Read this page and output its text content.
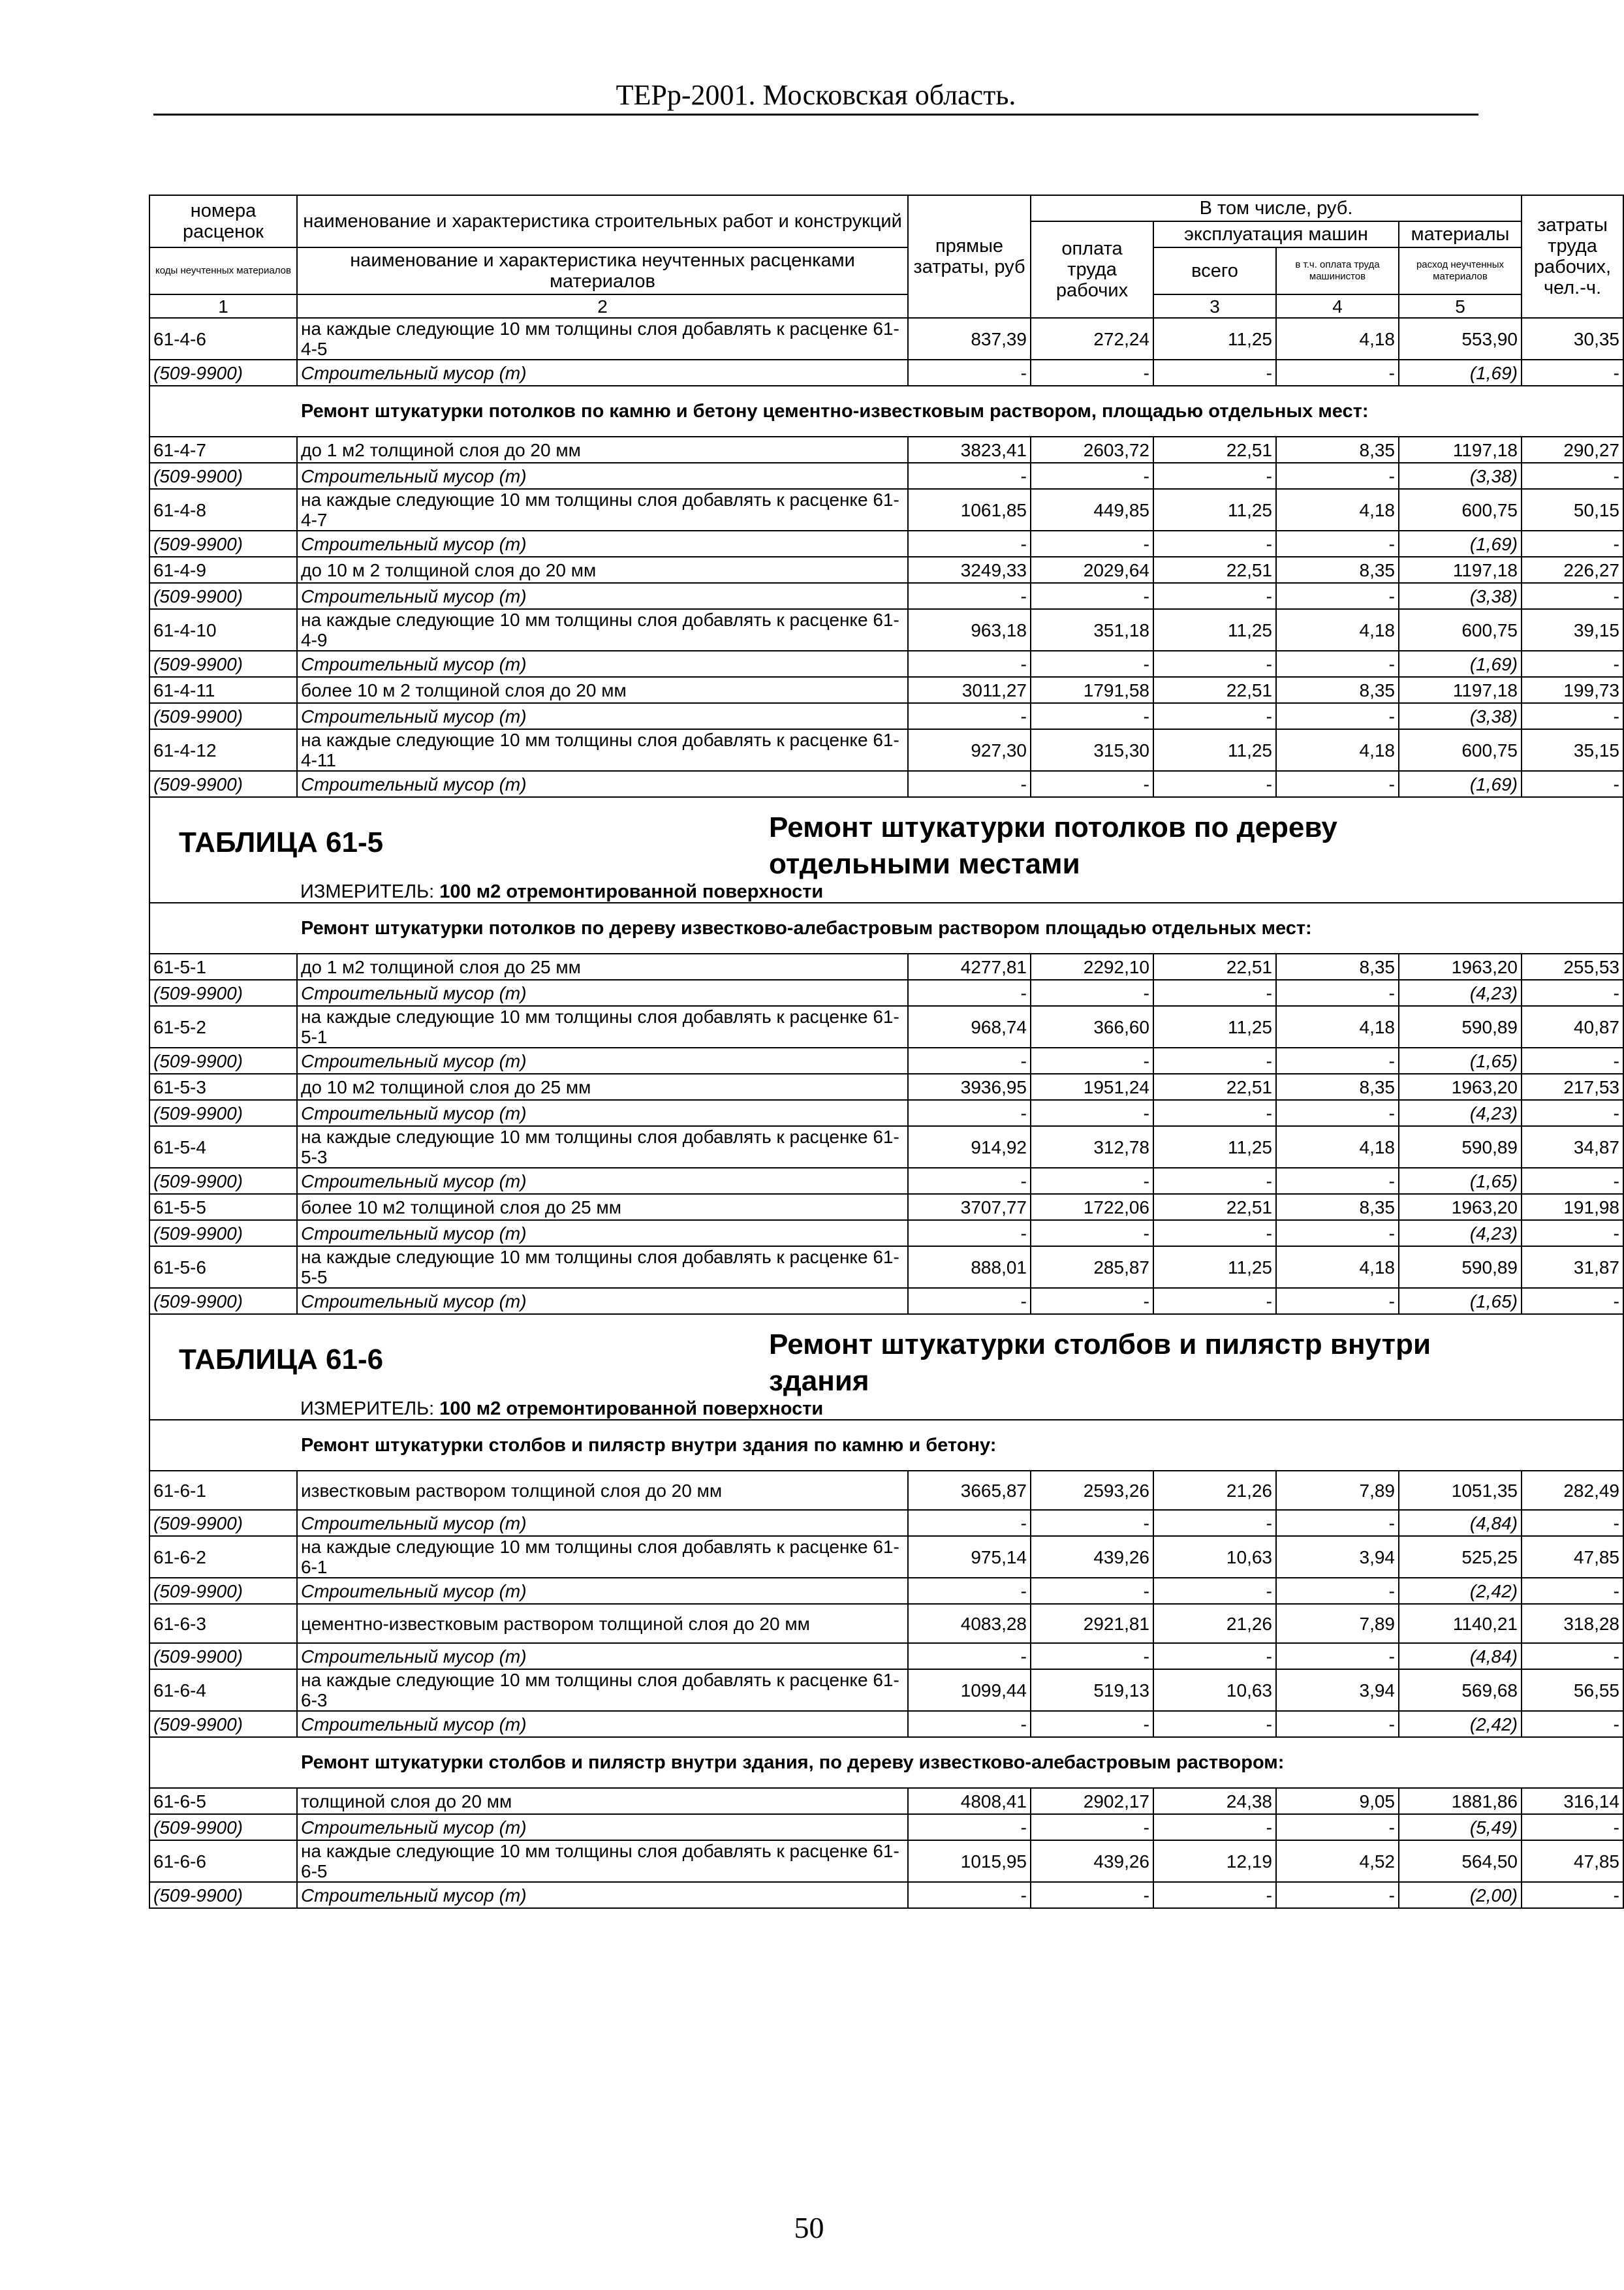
ТЕРр-2001. Московская область.
номера расценок	наименование и характеристика строительных работ и конструкций	прямые затраты, руб	В том числе, руб.				затраты труда рабочих, чел.-ч.	
			оплата труда рабочих	эксплуатация машин		материалы		
коды неучтенных материалов	наименование и характеристика неучтенных расценками материалов			всего	в т.ч. оплата труда машинистов	расход неучтенных материалов		
1	2			3	4	5			
61-4-6	на каждые следующие 10 мм толщины слоя добавлять к расценке 61-4-5	837,39	272,24	11,25	4,18	553,90	30,35	
(509-9900)	Строительный мусор (т)	-	-	-	-	(1,69)	-	
Ремонт штукатурки потолков по камню и бетону цементно-известковым раствором, площадью отдельных мест:								
61-4-7	до 1 м2 толщиной слоя до 20 мм	3823,41	2603,72	22,51	8,35	1197,18	290,27	
(509-9900)	Строительный мусор (т)	-	-	-	-	(3,38)	-	
61-4-8	на каждые следующие 10 мм толщины слоя добавлять к расценке 61-4-7	1061,85	449,85	11,25	4,18	600,75	50,15	
(509-9900)	Строительный мусор (т)	-	-	-	-	(1,69)	-	
61-4-9	до 10 м 2 толщиной слоя до 20 мм	3249,33	2029,64	22,51	8,35	1197,18	226,27	
(509-9900)	Строительный мусор (т)	-	-	-	-	(3,38)	-	
61-4-10	на каждые следующие 10 мм толщины слоя добавлять к расценке 61-4-9	963,18	351,18	11,25	4,18	600,75	39,15	
(509-9900)	Строительный мусор (т)	-	-	-	-	(1,69)	-	
61-4-11	более 10 м 2 толщиной слоя до 20 мм	3011,27	1791,58	22,51	8,35	1197,18	199,73	
(509-9900)	Строительный мусор (т)	-	-	-	-	(3,38)	-	
61-4-12	на каждые следующие 10 мм толщины слоя добавлять к расценке 61-4-11	927,30	315,30	11,25	4,18	600,75	35,15	
(509-9900)	Строительный мусор (т)	-	-	-	-	(1,69)	-	

ТАБЛИЦА 61-5 Ремонт штукатурки потолков по дереву отдельными местами
ИЗМЕРИТЕЛЬ: 100 м2 отремонтированной поверхности								

Ремонт штукатурки потолков по дереву известково-алебастровым раствором площадью отдельных мест:								
61-5-1	до 1 м2 толщиной слоя до 25 мм	4277,81	2292,10	22,51	8,35	1963,20	255,53	
(509-9900)	Строительный мусор (т)	-	-	-	-	(4,23)	-	
61-5-2	на каждые следующие 10 мм толщины слоя добавлять к расценке 61-5-1	968,74	366,60	11,25	4,18	590,89	40,87	
(509-9900)	Строительный мусор (т)	-	-	-	-	(1,65)	-	
61-5-3	до 10 м2 толщиной слоя до 25 мм	3936,95	1951,24	22,51	8,35	1963,20	217,53	
(509-9900)	Строительный мусор (т)	-	-	-	-	(4,23)	-	
61-5-4	на каждые следующие 10 мм толщины слоя добавлять к расценке 61-5-3	914,92	312,78	11,25	4,18	590,89	34,87	
(509-9900)	Строительный мусор (т)	-	-	-	-	(1,65)	-	
61-5-5	более 10 м2 толщиной слоя до 25 мм	3707,77	1722,06	22,51	8,35	1963,20	191,98	
(509-9900)	Строительный мусор (т)	-	-	-	-	(4,23)	-	
61-5-6	на каждые следующие 10 мм толщины слоя добавлять к расценке 61-5-5	888,01	285,87	11,25	4,18	590,89	31,87	
(509-9900)	Строительный мусор (т)	-	-	-	-	(1,65)	-	

ТАБЛИЦА 61-6 Ремонт штукатурки столбов и пилястр внутри здания
ИЗМЕРИТЕЛЬ: 100 м2 отремонтированной поверхности								

Ремонт штукатурки столбов и пилястр внутри здания по камню и бетону:								
61-6-1	известковым раствором толщиной слоя до 20 мм	3665,87	2593,26	21,26	7,89	1051,35	282,49	
(509-9900)	Строительный мусор (т)	-	-	-	-	(4,84)	-	
61-6-2	на каждые следующие 10 мм толщины слоя добавлять к расценке 61-6-1	975,14	439,26	10,63	3,94	525,25	47,85	
(509-9900)	Строительный мусор (т)	-	-	-	-	(2,42)	-	
61-6-3	цементно-известковым раствором толщиной слоя до 20 мм	4083,28	2921,81	21,26	7,89	1140,21	318,28	
(509-9900)	Строительный мусор (т)	-	-	-	-	(4,84)	-	
61-6-4	на каждые следующие 10 мм толщины слоя добавлять к расценке 61-6-3	1099,44	519,13	10,63	3,94	569,68	56,55	
(509-9900)	Строительный мусор (т)	-	-	-	-	(2,42)	-	
Ремонт штукатурки столбов и пилястр внутри здания, по дереву известково-алебастровым раствором:								
61-6-5	толщиной слоя до 20 мм	4808,41	2902,17	24,38	9,05	1881,86	316,14	
(509-9900)	Строительный мусор (т)	-	-	-	-	(5,49)	-	
61-6-6	на каждые следующие 10 мм толщины слоя добавлять к расценке 61-6-5	1015,95	439,26	12,19	4,52	564,50	47,85	
(509-9900)	Строительный мусор (т)	-	-	-	-	(2,00)	-	
50
